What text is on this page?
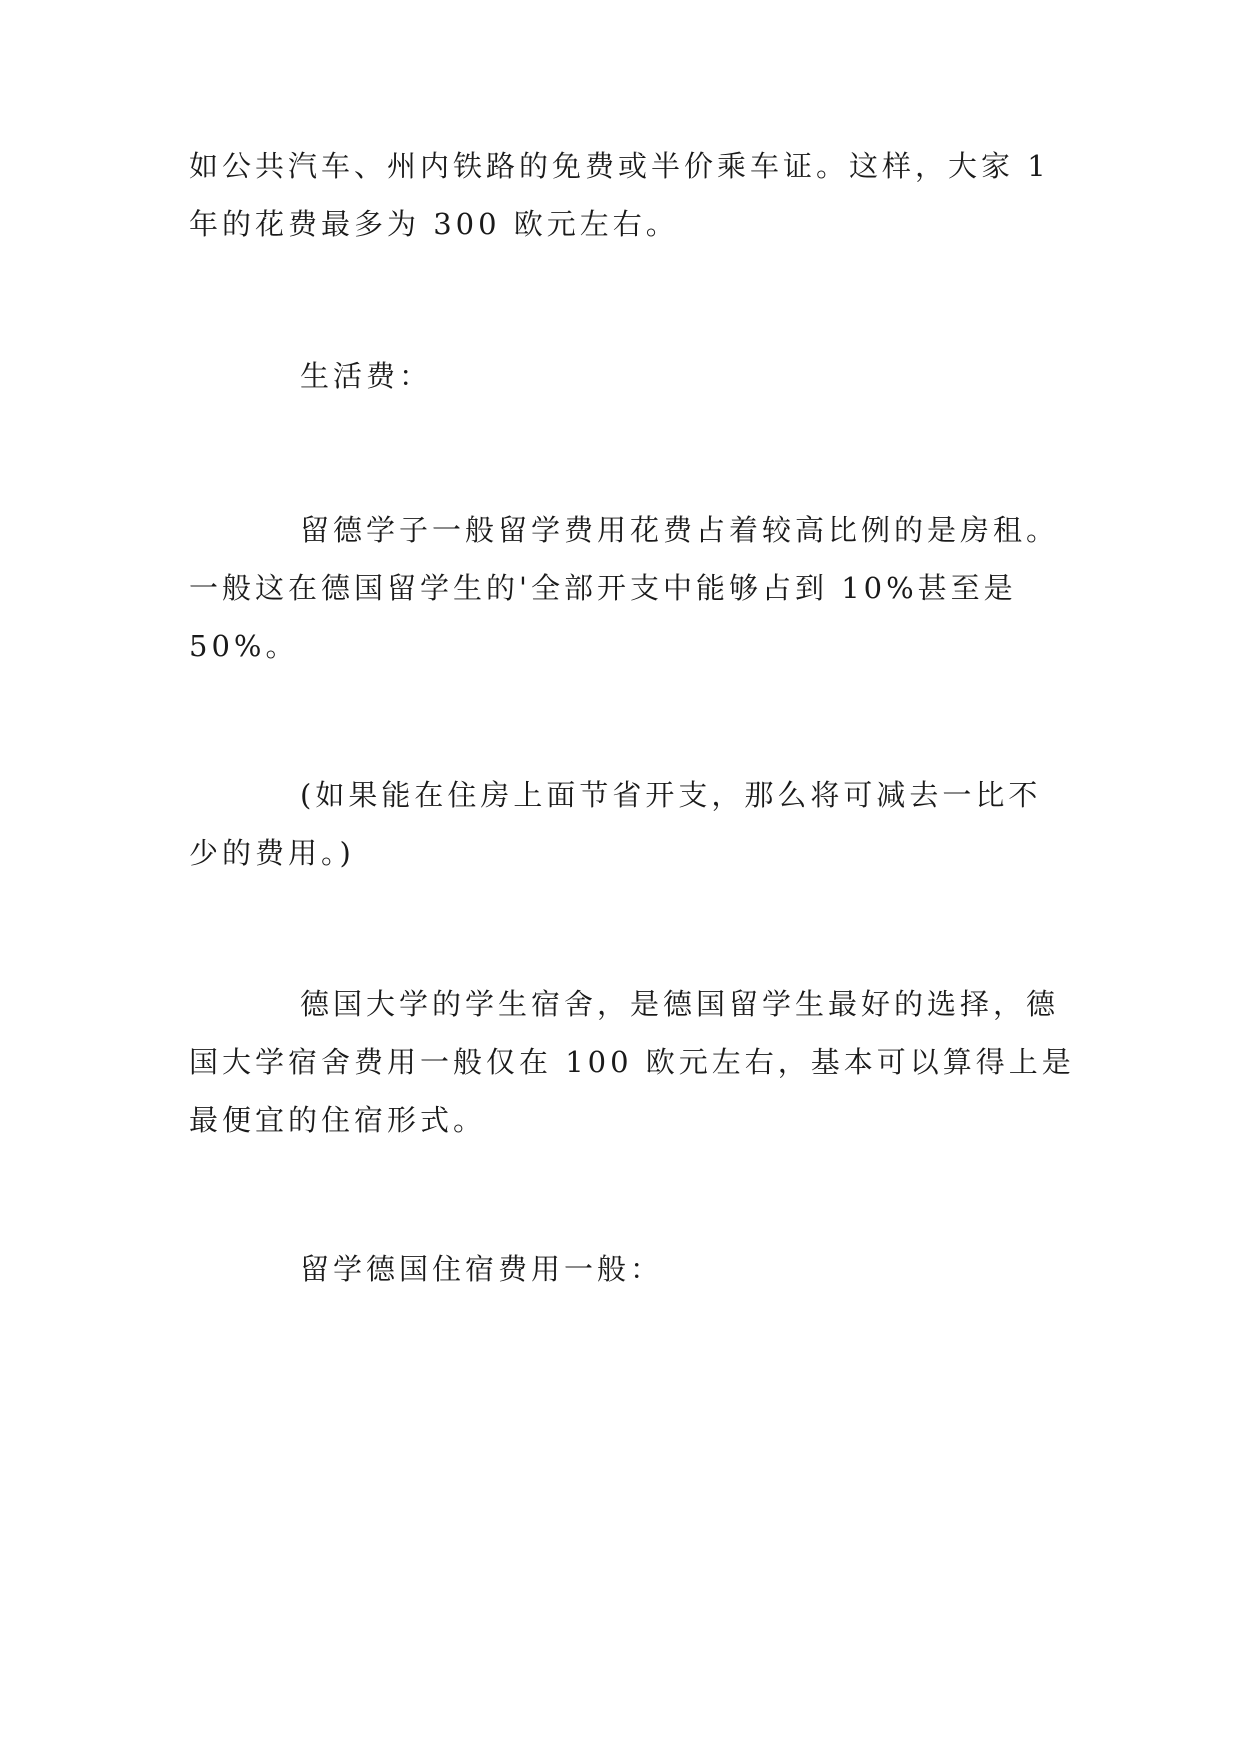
如公共汽车、州内铁路的免费或半价乘车证。这样，大家 1
年的花费最多为 300 欧元左右。

生活费：

留德学子一般留学费用花费占着较高比例的是房租。
一般这在德国留学生的'全部开支中能够占到 10%甚至是
50%。

(如果能在住房上面节省开支，那么将可减去一比不
少的费用。)

德国大学的学生宿舍，是德国留学生最好的选择，德
国大学宿舍费用一般仅在 100 欧元左右，基本可以算得上是
最便宜的住宿形式。

留学德国住宿费用一般：
